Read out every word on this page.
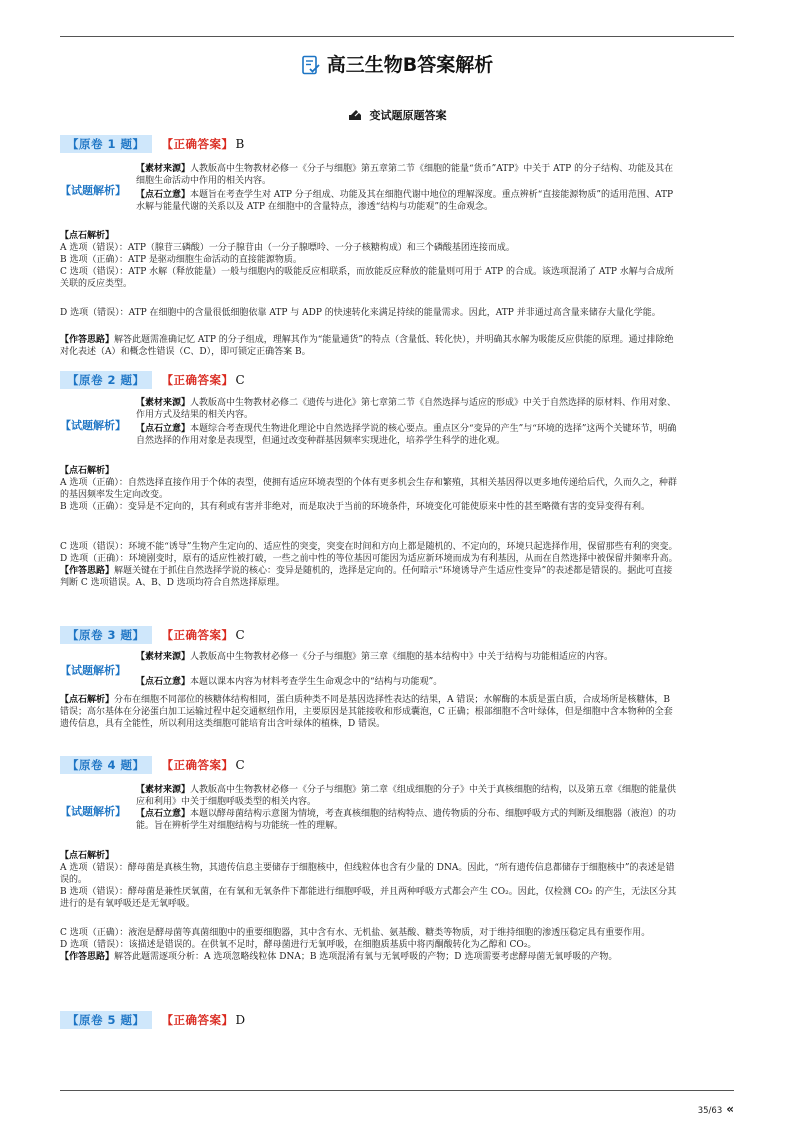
高三生物B答案解析
变试题原题答案
【原卷 1 题】	【正确答案】 B
【试题解析】
【素材来源】人教版高中生物教材必修一《分子与细胞》第五章第二节《细胞的能量“货币”ATP》中关于 ATP 的分子结构、功能及其在细胞生命活动中作用的相关内容。
【点石立意】本题旨在考查学生对 ATP 分子组成、功能及其在细胞代谢中地位的理解深度。重点辨析“直接能源物质”的适用范围、ATP 水解与能量代谢的关系以及 ATP 在细胞中的含量特点，渗透“结构与功能观”的生命观念。
【点石解析】
A 选项（错误）：ATP（腺苷三磷酸）一分子腺苷由（一分子腺嘌呤、一分子核糖构成）和三个磷酸基团连接而成。
B 选项（正确）：ATP 是驱动细胞生命活动的直接能源物质。
C 选项（错误）：ATP 水解（释放能量）一般与细胞内的吸能反应相联系，而放能反应释放的能量则可用于 ATP 的合成。该选项混淆了 ATP 水解与合成所关联的反应类型。
D 选项（错误）：ATP 在细胞中的含量很低细胞依靠 ATP 与 ADP 的快速转化来满足持续的能量需求。因此，ATP 并非通过高含量来储存大量化学能。
【作答思路】解答此题需准确记忆 ATP 的分子组成，理解其作为“能量通货”的特点（含量低、转化快），并明确其水解为吸能反应供能的原理。通过排除绝对化表述（A）和概念性错误（C、D），即可锁定正确答案 B。
【原卷 2 题】	【正确答案】 C
【试题解析】
【素材来源】人教版高中生物教材必修二《遗传与进化》第七章第二节《自然选择与适应的形成》中关于自然选择的原材料、作用对象、作用方式及结果的相关内容。
【点石立意】本题综合考查现代生物进化理论中自然选择学说的核心要点。重点区分“变异的产生”与“环境的选择”这两个关键环节，明确自然选择的作用对象是表现型，但通过改变种群基因频率实现进化，培养学生科学的进化观。
【点石解析】
A 选项（正确）：自然选择直接作用于个体的表型，使拥有适应环境表型的个体有更多机会生存和繁殖，其相关基因得以更多地传递给后代，久而久之，种群的基因频率发生定向改变。
B 选项（正确）：变异是不定向的，其有利或有害并非绝对，而是取决于当前的环境条件，环境变化可能使原来中性的甚至略微有害的变异变得有利。
C 选项（错误）：环境不能“诱导”生物产生定向的、适应性的突变，突变在时间和方向上都是随机的、不定向的，环境只起选择作用，保留那些有利的突变。
D 选项（正确）：环境剧变时，原有的适应性被打破，一些之前中性的等位基因可能因为适应新环境而成为有利基因，从而在自然选择中被保留并频率升高。
【作答思路】解题关键在于抓住自然选择学说的核心：变异是随机的，选择是定向的。任何暗示“环境诱导产生适应性变异”的表述都是错误的。据此可直接判断 C 选项错误。A、B、D 选项均符合自然选择原理。
【原卷 3 题】	【正确答案】 C
【试题解析】
【素材来源】人教版高中生物教材必修一《分子与细胞》第三章《细胞的基本结构中》中关于结构与功能相适应的内容。
【点石立意】本题以课本内容为材料考查学生生命观念中的“结构与功能观”。
【点石解析】分布在细胞不同部位的核糖体结构相同，蛋白质种类不同是基因选择性表达的结果，A 错误；水解酶的本质是蛋白质，合成场所是核糖体，B 错误；高尔基体在分泌蛋白加工运输过程中起交通枢纽作用，主要原因是其能接收和形成囊泡，C 正确；根部细胞不含叶绿体，但是细胞中含本物种的全套遗传信息，具有全能性，所以利用这类细胞可能培育出含叶绿体的植株，D 错误。
【原卷 4 题】	【正确答案】 C
【试题解析】
【素材来源】人教版高中生物教材必修一《分子与细胞》第二章《组成细胞的分子》中关于真核细胞的结构，以及第五章《细胞的能量供应和利用》中关于细胞呼吸类型的相关内容。
【点石立意】本题以酵母菌结构示意图为情境，考查真核细胞的结构特点、遗传物质的分布、细胞呼吸方式的判断及细胞器（液泡）的功能。旨在辨析学生对细胞结构与功能统一性的理解。
【点石解析】
A 选项（错误）：酵母菌是真核生物，其遗传信息主要储存于细胞核中，但线粒体也含有少量的 DNA。因此，“所有遗传信息都储存于细胞核中”的表述是错误的。
B 选项（错误）：酵母菌是兼性厌氧菌，在有氧和无氧条件下都能进行细胞呼吸，并且两种呼吸方式都会产生 CO₂。因此，仅检测 CO₂ 的产生，无法区分其进行的是有氧呼吸还是无氧呼吸。
C 选项（正确）：液泡是酵母菌等真菌细胞中的重要细胞器，其中含有水、无机盐、氨基酸、糖类等物质，对于维持细胞的渗透压稳定具有重要作用。
D 选项（错误）：该描述是错误的。在供氧不足时，酵母菌进行无氧呼吸，在细胞质基质中将丙酮酸转化为乙醇和 CO₂。
【作答思路】解答此题需逐项分析：A 选项忽略线粒体 DNA；B 选项混淆有氧与无氧呼吸的产物；D 选项需要考虑酵母菌无氧呼吸的产物。
【原卷 5 题】	【正确答案】 D
35/63 «
